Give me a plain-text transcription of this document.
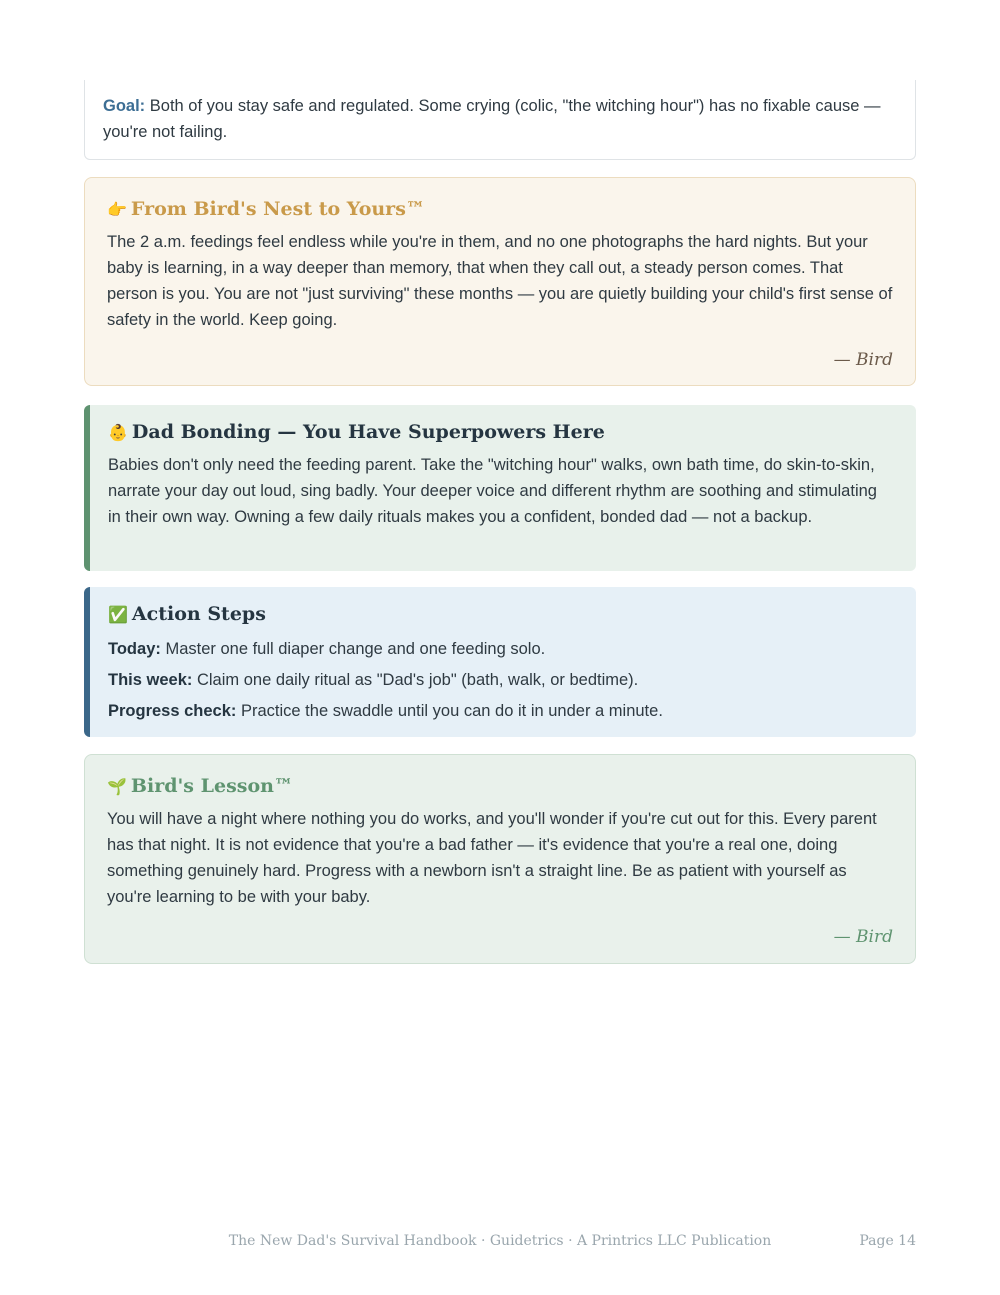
Goal: Both of you stay safe and regulated. Some crying (colic, "the witching hour") has no fixable cause — you're not failing.

👉 From Bird's Nest to Yours™

The 2 a.m. feedings feel endless while you're in them, and no one photographs the hard nights. But your baby is learning, in a way deeper than memory, that when they call out, a steady person comes. That person is you. You are not "just surviving" these months — you are quietly building your child's first sense of safety in the world. Keep going.

— Bird
👶 Dad Bonding — You Have Superpowers Here

Babies don't only need the feeding parent. Take the "witching hour" walks, own bath time, do skin-to-skin, narrate your day out loud, sing badly. Your deeper voice and different rhythm are soothing and stimulating in their own way. Owning a few daily rituals makes you a confident, bonded dad — not a backup.

✅ Action Steps

Today: Master one full diaper change and one feeding solo.

This week: Claim one daily ritual as "Dad's job" (bath, walk, or bedtime).

Progress check: Practice the swaddle until you can do it in under a minute.

🌱 Bird's Lesson™

You will have a night where nothing you do works, and you'll wonder if you're cut out for this. Every parent has that night. It is not evidence that you're a bad father — it's evidence that you're a real one, doing something genuinely hard. Progress with a newborn isn't a straight line. Be as patient with yourself as you're learning to be with your baby.

— Bird
The New Dad's Survival Handbook · Guidetrics · A Printrics LLC Publication	Page 14
